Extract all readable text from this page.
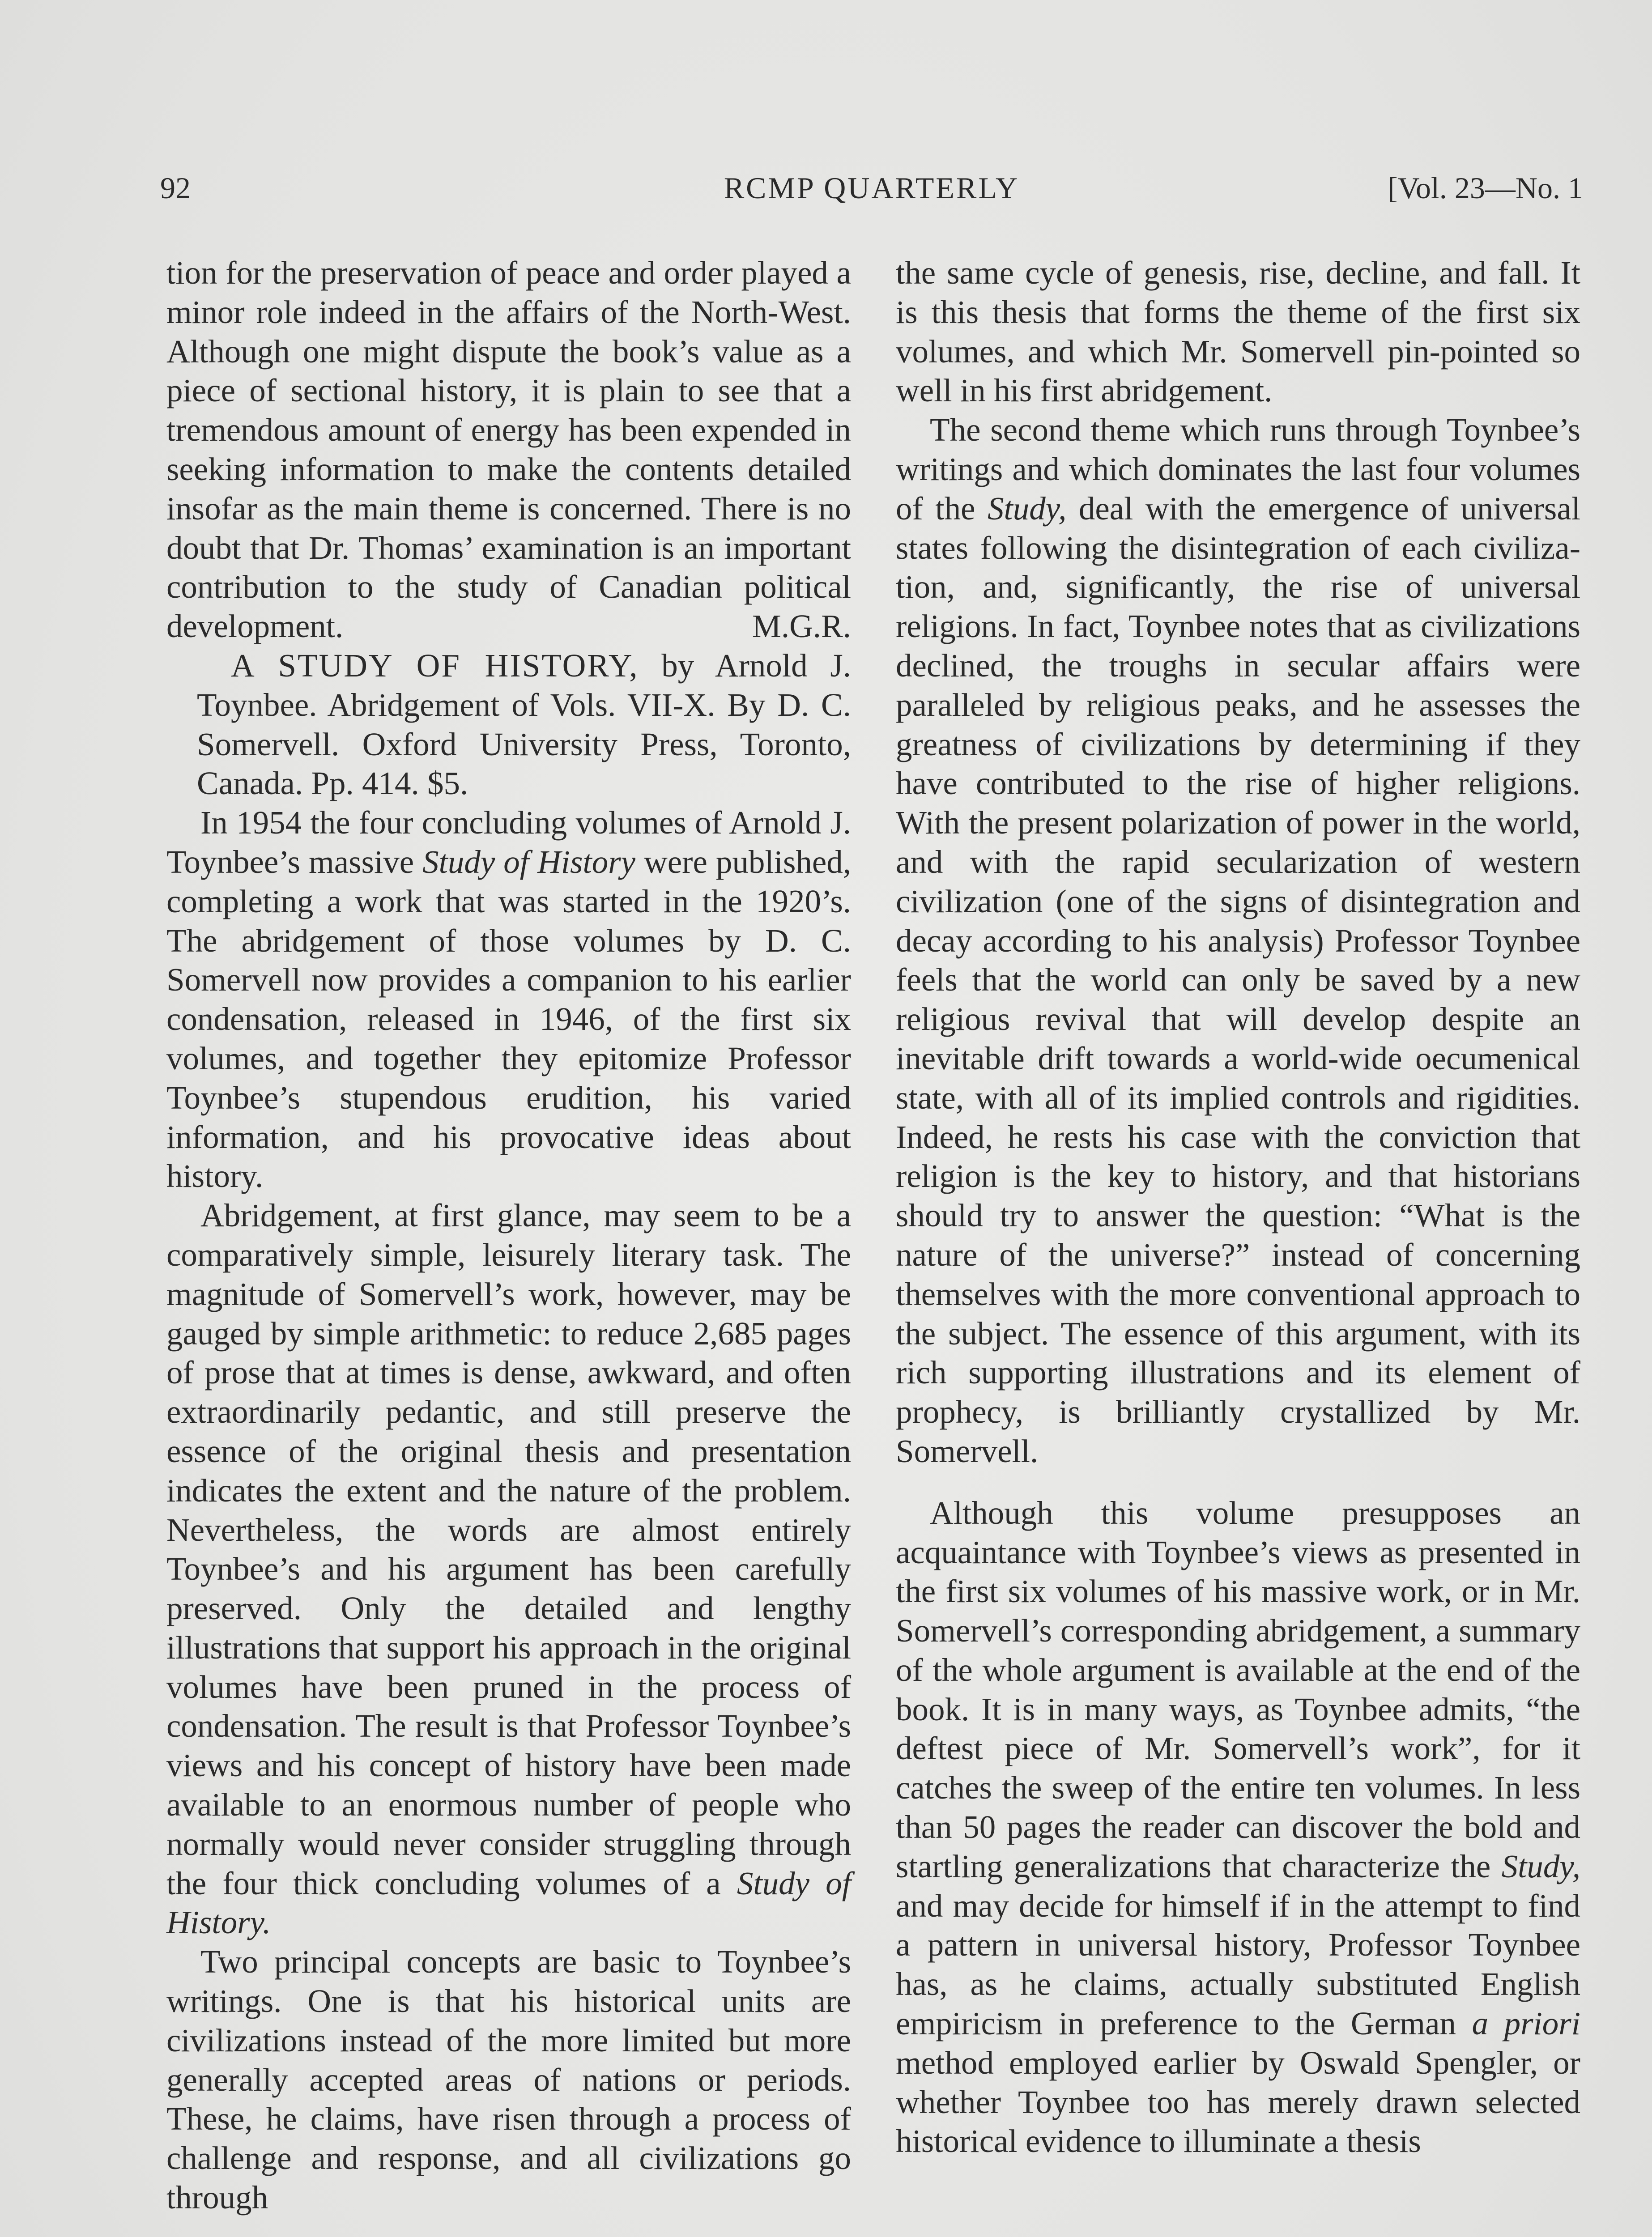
92	RCMP QUARTERLY	[Vol. 23—No. 1

tion for the preservation of peace and order played a minor role indeed in the affairs of the North-West. Although one might dispute the book’s value as a piece of sectional history, it is plain to see that a tremendous amount of energy has been expended in seeking information to make the contents detailed insofar as the main theme is concerned. There is no doubt that Dr. Thomas’ examination is an important contribution to the study of Canadian political development.	M.G.R.

A STUDY OF HISTORY, by Arnold J. Toynbee. Abridgement of Vols. VII-X. By D. C. Somervell. Oxford University Press, Toronto, Canada. Pp. 414. $5.

In 1954 the four concluding volumes of Arnold J. Toynbee’s massive Study of History were published, completing a work that was started in the 1920’s. The abridgement of those volumes by D. C. Somervell now provides a companion to his earlier condensation, released in 1946, of the first six volumes, and together they epitomize Professor Toynbee’s stupendous erudition, his varied information, and his provocative ideas about history.

Abridgement, at first glance, may seem to be a comparatively simple, leisurely literary task. The magnitude of Somervell’s work, however, may be gauged by simple arithmetic: to reduce 2,685 pages of prose that at times is dense, awkward, and often extraordinarily pedantic, and still preserve the essence of the original thesis and presentation indicates the extent and the nature of the problem. Nevertheless, the words are almost entirely Toynbee’s and his argument has been carefully preserved. Only the detailed and lengthy illustrations that support his approach in the original volumes have been pruned in the process of condensation. The result is that Professor Toynbee’s views and his concept of history have been made available to an enormous number of people who normally would never consider struggling through the four thick concluding volumes of a Study of History.

Two principal concepts are basic to Toynbee’s writings. One is that his historical units are civilizations instead of the more limited but more generally accepted areas of nations or periods. These, he claims, have risen through a process of challenge and response, and all civilizations go through

the same cycle of genesis, rise, decline, and fall. It is this thesis that forms the theme of the first six volumes, and which Mr. Somervell pin-pointed so well in his first abridgement.

The second theme which runs through Toynbee’s writings and which dominates the last four volumes of the Study, deal with the emergence of universal states following the disintegration of each civilization, and, significantly, the rise of universal religions. In fact, Toynbee notes that as civilizations declined, the troughs in secular affairs were paralleled by religious peaks, and he assesses the greatness of civilizations by determining if they have contributed to the rise of higher religions. With the present polarization of power in the world, and with the rapid secularization of western civilization (one of the signs of disintegration and decay according to his analysis) Professor Toynbee feels that the world can only be saved by a new religious revival that will develop despite an inevitable drift towards a world-wide oecumenical state, with all of its implied controls and rigidities. Indeed, he rests his case with the conviction that religion is the key to history, and that historians should try to answer the question: “What is the nature of the universe?” instead of concerning themselves with the more conventional approach to the subject. The essence of this argument, with its rich supporting illustrations and its element of prophecy, is brilliantly crystallized by Mr. Somervell.

Although this volume presupposes an acquaintance with Toynbee’s views as presented in the first six volumes of his massive work, or in Mr. Somervell’s corresponding abridgement, a summary of the whole argument is available at the end of the book. It is in many ways, as Toynbee admits, “the deftest piece of Mr. Somervell’s work”, for it catches the sweep of the entire ten volumes. In less than 50 pages the reader can discover the bold and startling generalizations that characterize the Study, and may decide for himself if in the attempt to find a pattern in universal history, Professor Toynbee has, as he claims, actually substituted English empiricism in preference to the German a priori method employed earlier by Oswald Spengler, or whether Toynbee too has merely drawn selected historical evidence to illuminate a thesis
